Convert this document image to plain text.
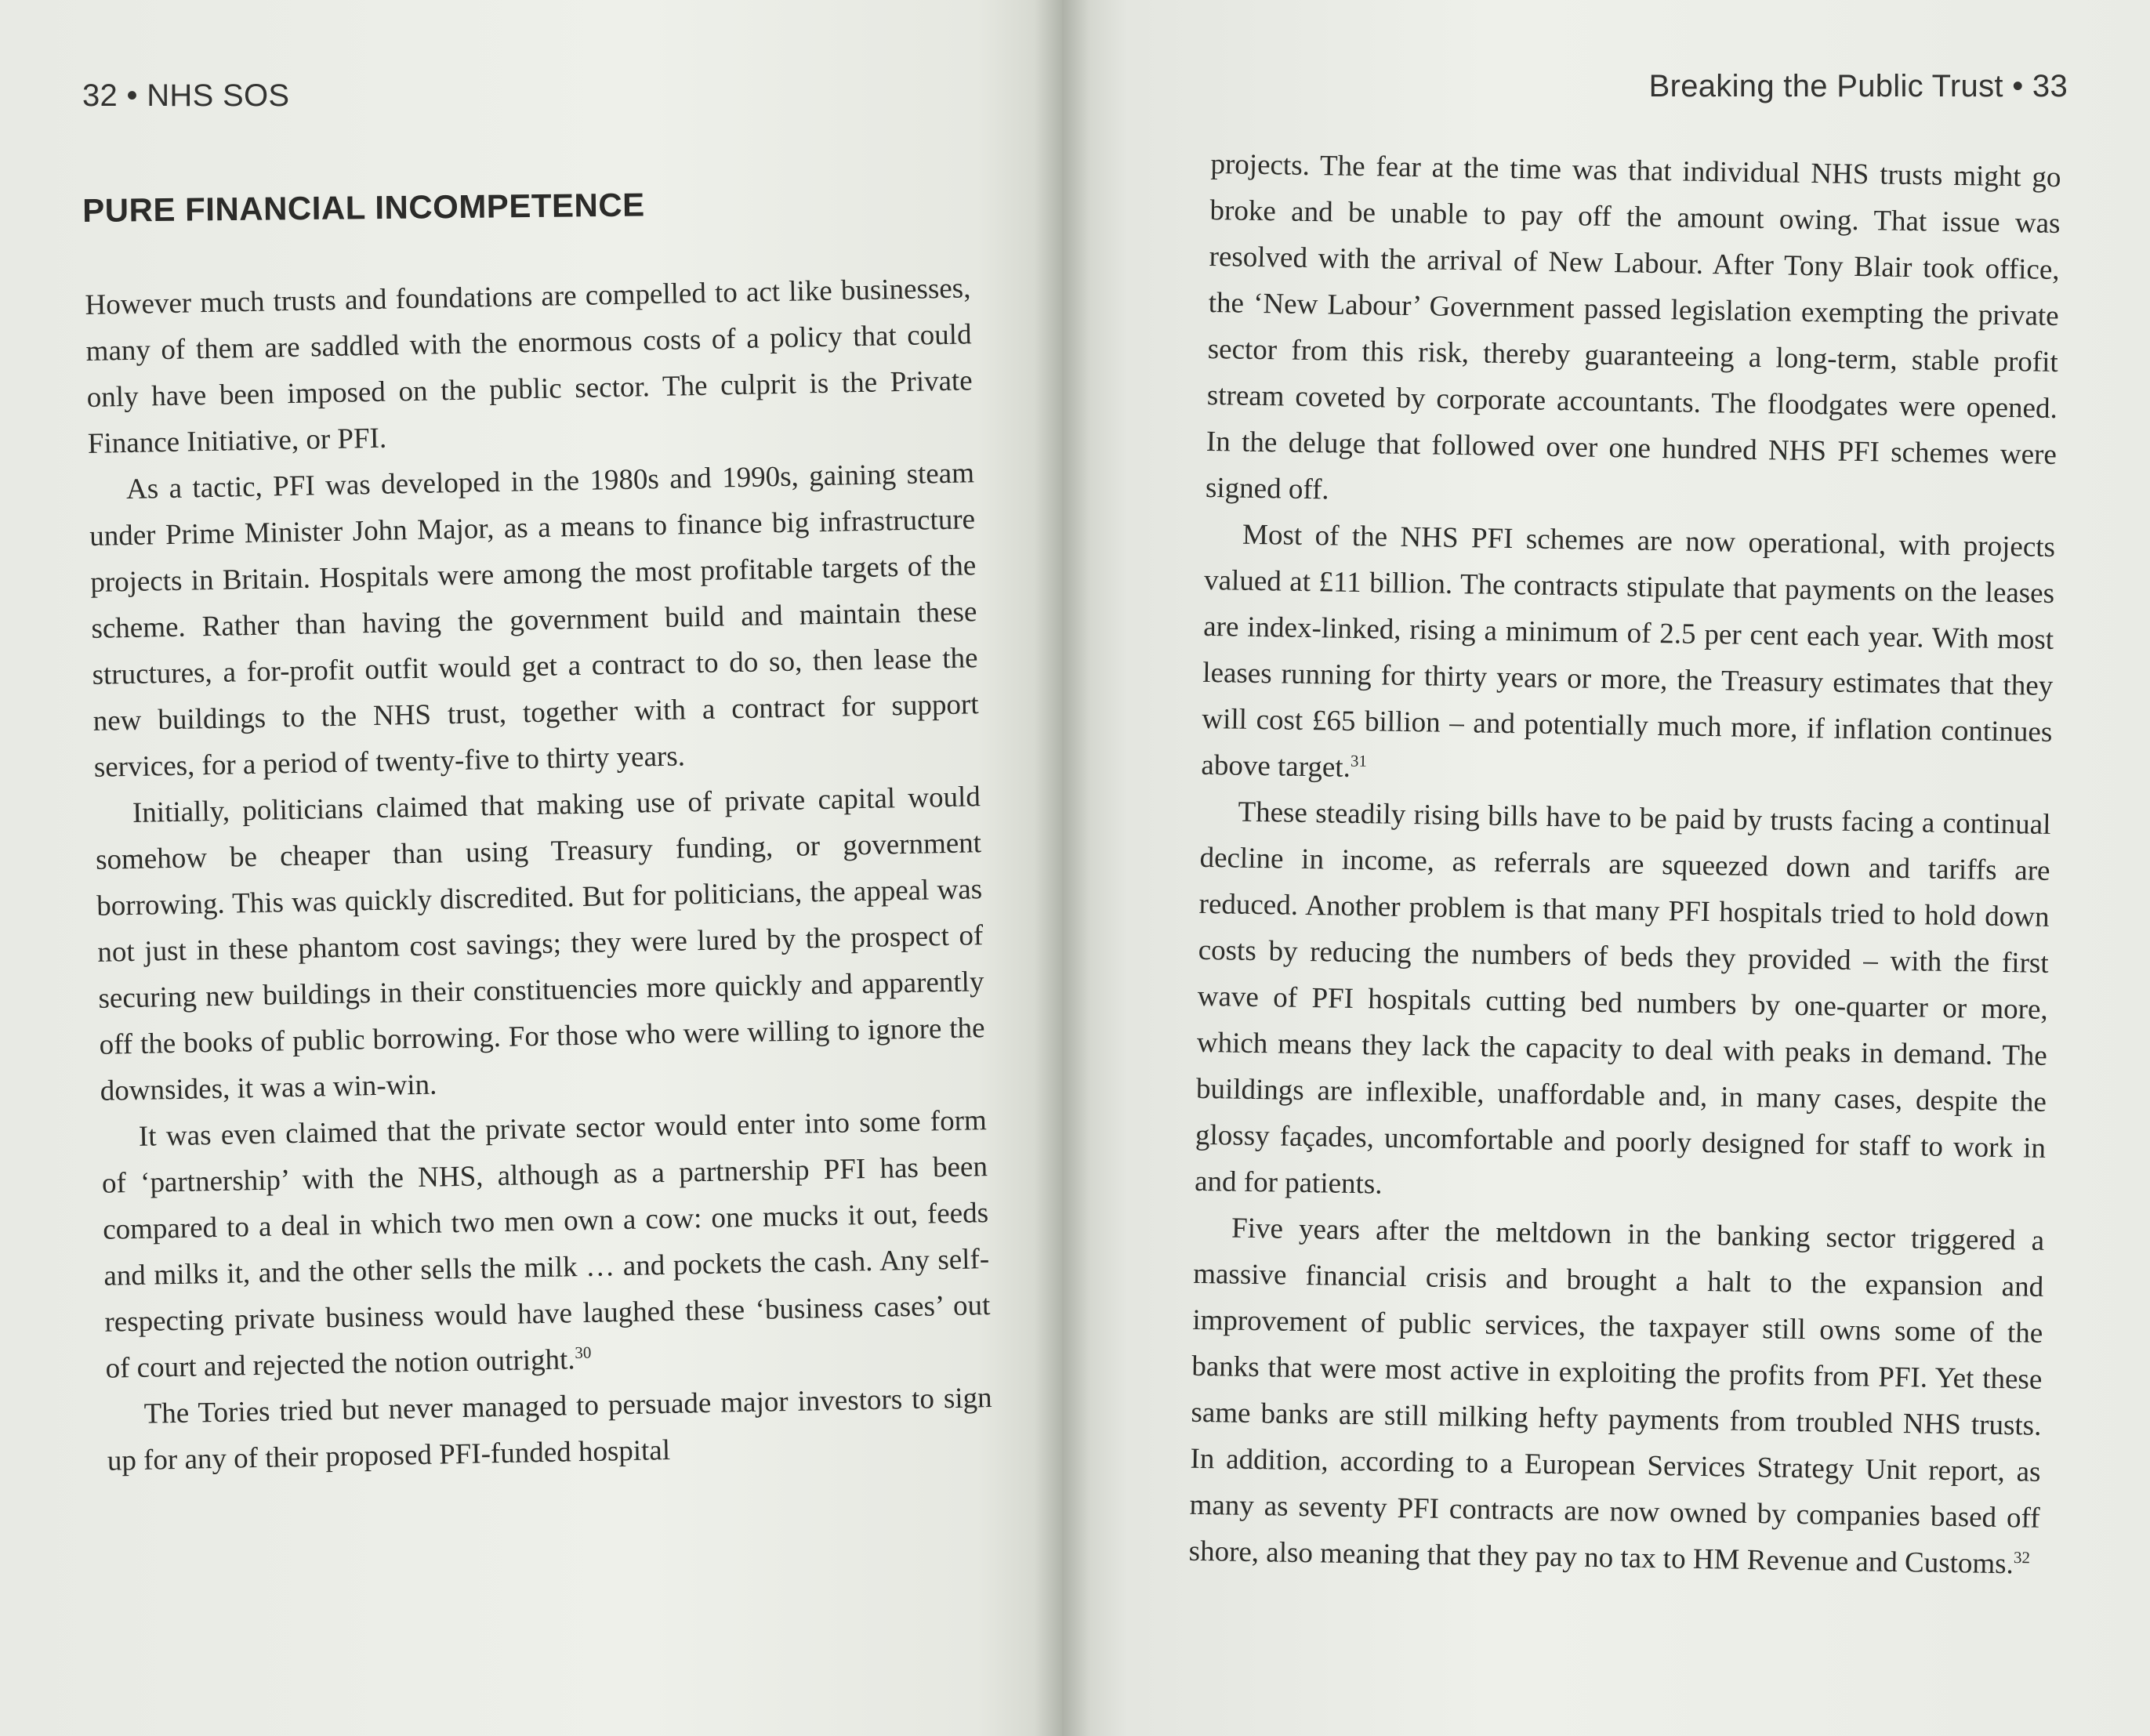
32 • NHS SOS
PURE FINANCIAL INCOMPETENCE

However much trusts and foundations are compelled to act like businesses, many of them are saddled with the enormous costs of a policy that could only have been imposed on the public sector. The culprit is the Private Finance Initiative, or PFI.

As a tactic, PFI was developed in the 1980s and 1990s, gaining steam under Prime Minister John Major, as a means to finance big infrastructure projects in Britain. Hospitals were among the most profitable targets of the scheme. Rather than having the government build and maintain these structures, a for-profit outfit would get a contract to do so, then lease the new buildings to the NHS trust, together with a contract for support services, for a period of twenty-five to thirty years.

Initially, politicians claimed that making use of private capital would somehow be cheaper than using Treasury funding, or government borrowing. This was quickly discredited. But for politicians, the appeal was not just in these phantom cost savings; they were lured by the prospect of securing new buildings in their constituencies more quickly and apparently off the books of public borrowing. For those who were willing to ignore the downsides, it was a win-win.

It was even claimed that the private sector would enter into some form of ‘partnership’ with the NHS, although as a partnership PFI has been compared to a deal in which two men own a cow: one mucks it out, feeds and milks it, and the other sells the milk … and pockets the cash. Any self-respecting private business would have laughed these ‘business cases’ out of court and rejected the notion outright.$^{30}$

The Tories tried but never managed to persuade major investors to sign up for any of their proposed PFI-funded hospital

Breaking the Public Trust • 33

projects. The fear at the time was that individual NHS trusts might go broke and be unable to pay off the amount owing. That issue was resolved with the arrival of New Labour. After Tony Blair took office, the ‘New Labour’ Government passed legislation exempting the private sector from this risk, thereby guaranteeing a long-term, stable profit stream coveted by corporate accountants. The floodgates were opened. In the deluge that followed over one hundred NHS PFI schemes were signed off.

Most of the NHS PFI schemes are now operational, with projects valued at £11 billion. The contracts stipulate that payments on the leases are index-linked, rising a minimum of 2.5 per cent each year. With most leases running for thirty years or more, the Treasury estimates that they will cost £65 billion – and potentially much more, if inflation continues above target.$^{31}$

These steadily rising bills have to be paid by trusts facing a continual decline in income, as referrals are squeezed down and tariffs are reduced. Another problem is that many PFI hospitals tried to hold down costs by reducing the numbers of beds they provided – with the first wave of PFI hospitals cutting bed numbers by one-quarter or more, which means they lack the capacity to deal with peaks in demand. The buildings are inflexible, unaffordable and, in many cases, despite the glossy façades, uncomfortable and poorly designed for staff to work in and for patients.

Five years after the meltdown in the banking sector triggered a massive financial crisis and brought a halt to the expansion and improvement of public services, the taxpayer still owns some of the banks that were most active in exploiting the profits from PFI. Yet these same banks are still milking hefty payments from troubled NHS trusts. In addition, according to a European Services Strategy Unit report, as many as seventy PFI contracts are now owned by companies based off shore, also meaning that they pay no tax to HM Revenue and Customs.$^{32}$
